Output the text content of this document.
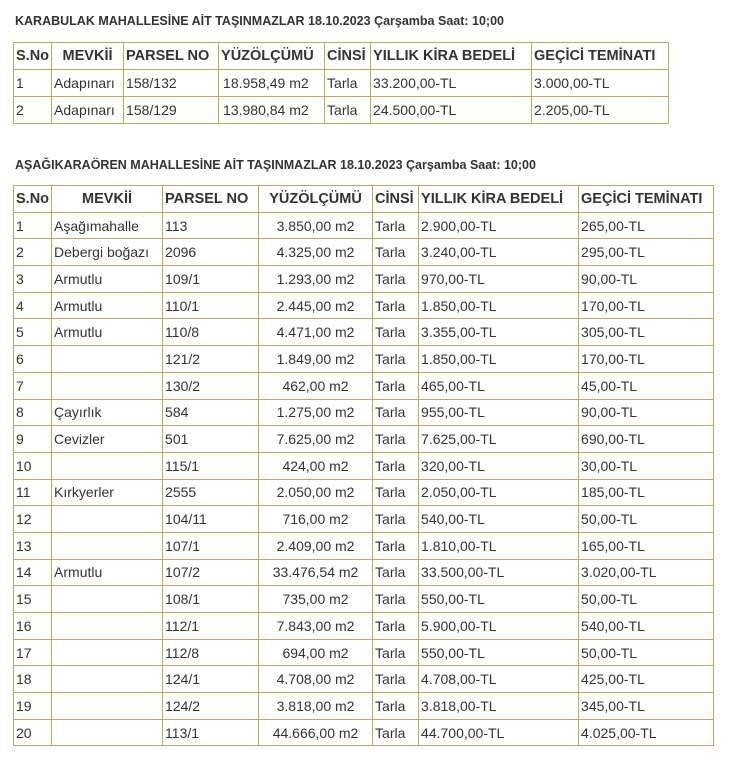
KARABULAK MAHALLESİNE AİT TAŞINMAZLAR 18.10.2023 Çarşamba Saat: 10;00
S.No	MEVKİİ	PARSEL NO	YÜZÖLÇÜMÜ	CİNSİ	YILLIK KİRA BEDELİ	GEÇİCİ TEMİNATI
1	Adapınarı	158/132	18.958,49 m2	Tarla	33.200,00-TL	3.000,00-TL
2	Adapınarı	158/129	13.980,84 m2	Tarla	24.500,00-TL	2.205,00-TL
AŞAĞIKARAÖREN MAHALLESİNE AİT TAŞINMAZLAR 18.10.2023 Çarşamba Saat: 10;00
S.No	MEVKİİ	PARSEL NO	YÜZÖLÇÜMÜ	CİNSİ	YILLIK KİRA BEDELİ	GEÇİCİ TEMİNATI
1	Aşağımahalle	113	3.850,00 m2	Tarla	2.900,00-TL	265,00-TL
2	Debergi boğazı	2096	4.325,00 m2	Tarla	3.240,00-TL	295,00-TL
3	Armutlu	109/1	1.293,00 m2	Tarla	970,00-TL	90,00-TL
4	Armutlu	110/1	2.445,00 m2	Tarla	1.850,00-TL	170,00-TL
5	Armutlu	110/8	4.471,00 m2	Tarla	3.355,00-TL	305,00-TL
6		121/2	1.849,00 m2	Tarla	1.850,00-TL	170,00-TL
7		130/2	462,00 m2	Tarla	465,00-TL	45,00-TL
8	Çayırlık	584	1.275,00 m2	Tarla	955,00-TL	90,00-TL
9	Cevizler	501	7.625,00 m2	Tarla	7.625,00-TL	690,00-TL
10		115/1	424,00 m2	Tarla	320,00-TL	30,00-TL
11	Kırkyerler	2555	2.050,00 m2	Tarla	2.050,00-TL	185,00-TL
12		104/11	716,00 m2	Tarla	540,00-TL	50,00-TL
13		107/1	2.409,00 m2	Tarla	1.810,00-TL	165,00-TL
14	Armutlu	107/2	33.476,54 m2	Tarla	33.500,00-TL	3.020,00-TL
15		108/1	735,00 m2	Tarla	550,00-TL	50,00-TL
16		112/1	7.843,00 m2	Tarla	5.900,00-TL	540,00-TL
17		112/8	694,00 m2	Tarla	550,00-TL	50,00-TL
18		124/1	4.708,00 m2	Tarla	4.708,00-TL	425,00-TL
19		124/2	3.818,00 m2	Tarla	3.818,00-TL	345,00-TL
20		113/1	44.666,00 m2	Tarla	44.700,00-TL	4.025,00-TL
